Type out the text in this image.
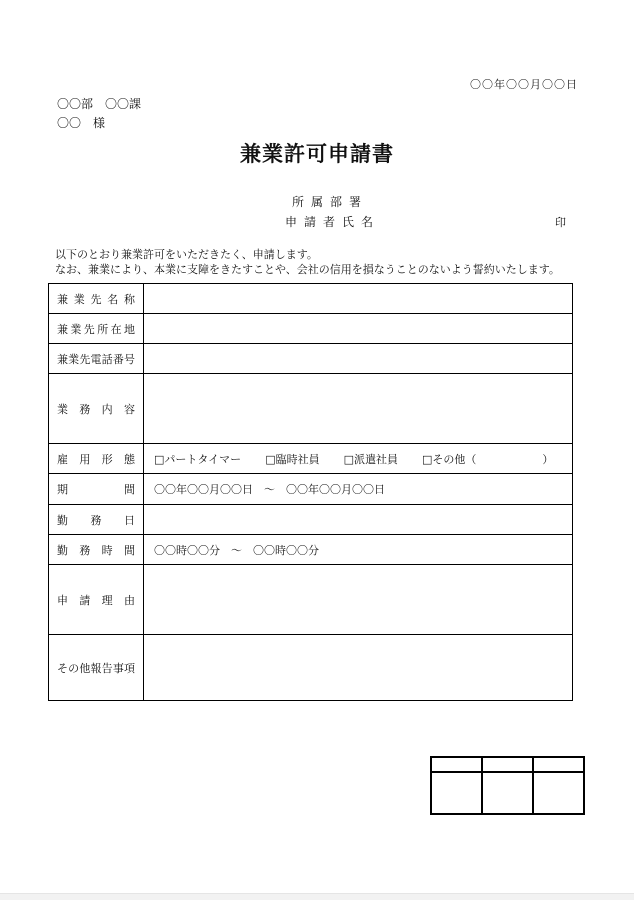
〇〇年〇〇月〇〇日
〇〇部　〇〇課
〇〇　様
兼業許可申請書
所属部署
申請者氏名	印
以下のとおり兼業許可をいただきたく、申請します。
なお、兼業により、本業に支障をきたすことや、会社の信用を損なうことのないよう誓約いたします。
兼業先名称	

兼業先所在地	

兼業先電話番号	

業務内容	

雇用形態	□パートタイマー □臨時社員 □派遣社員 □その他（　　　　　　）

期間	〇〇年〇〇月〇〇日　～　〇〇年〇〇月〇〇日

勤務日	

勤務時間	〇〇時〇〇分　～　〇〇時〇〇分

申請理由	

その他報告事項	
